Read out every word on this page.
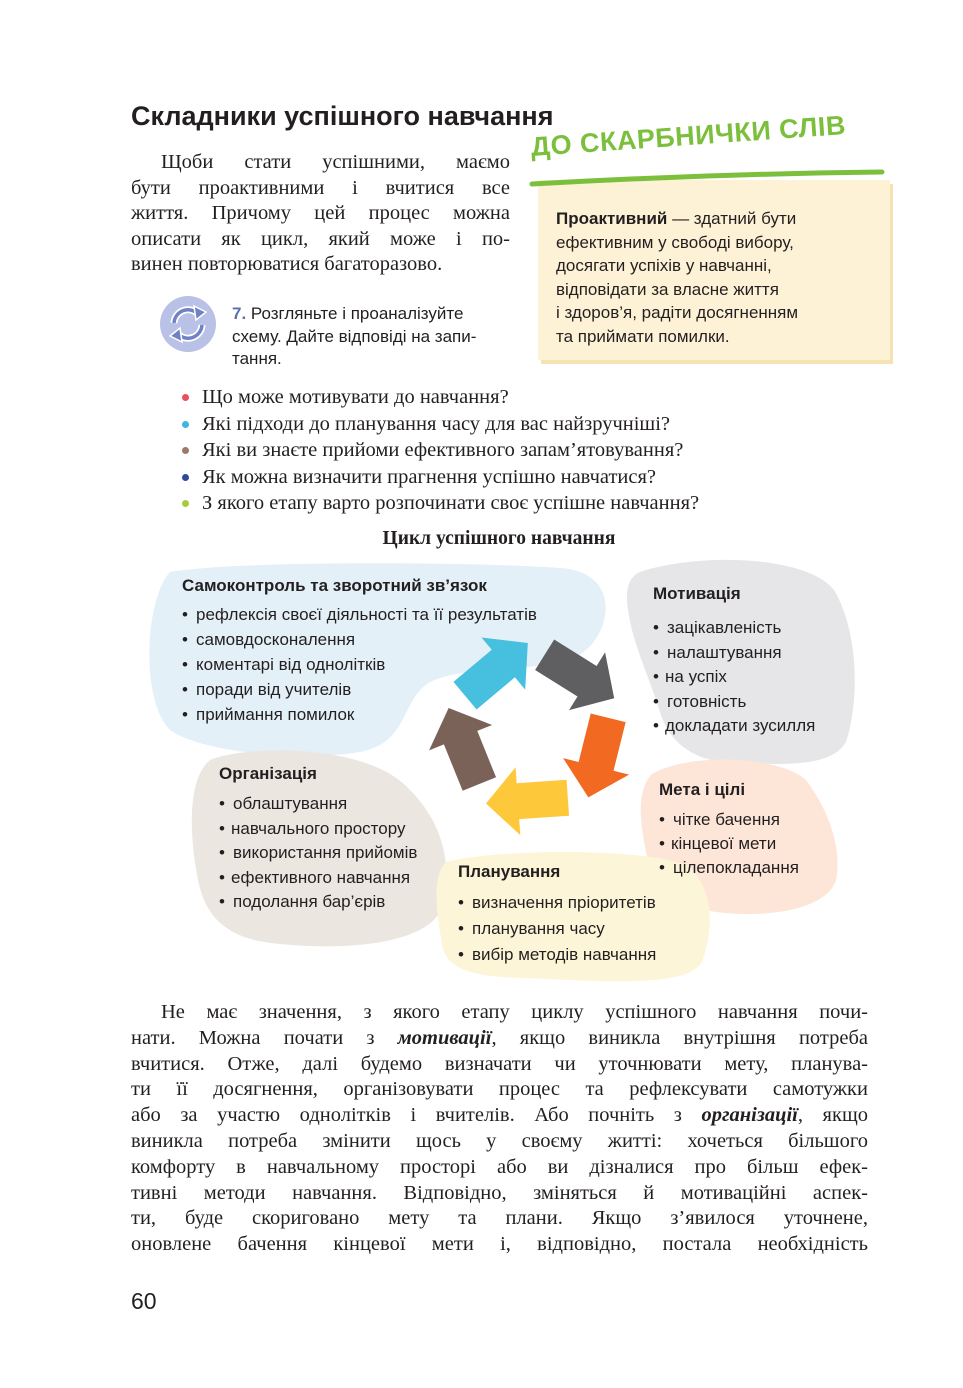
Складники успішного навчання
Щоби стати успішними, маємо
бути проактивними і вчитися все
життя. Причому цей процес можна
описати як цикл, який може і по-
винен повторюватися багаторазово.
ДО СКАРБНИЧКИ СЛІВ
Проактивний — здатний бути
ефективним у свободі вибору,
досягати успіхів у навчанні,
відповідати за власне життя
і здоров’я, радіти досягненням
та приймати помилки.
7. Розгляньте і проаналізуйте
схему. Дайте відповіді на запи-
тання.
Що може мотивувати до навчання?
Які підходи до планування часу для вас найзручніші?
Які ви знаєте прийоми ефективного запам’ятовування?
Як можна визначити прагнення успішно навчатися?
З якого етапу варто розпочинати своє успішне навчання?
Цикл успішного навчання
Самоконтроль та зворотний зв’язок
• рефлексія своєї діяльності та її результатів
• самовдосконалення
• коментарі від однолітків
• поради від учителів
• приймання помилок
Мотивація
• зацікавленість
• налаштування
• на успіх
• готовність
• докладати зусилля
Мета і цілі
• чітке бачення
• кінцевої мети
• цілепокладання
Організація
• облаштування
• навчального простору
• використання прийомів
• ефективного навчання
• подолання бар’єрів
Планування
• визначення пріоритетів
• планування часу
• вибір методів навчання
Не має значення, з якого етапу циклу успішного навчання почи-
нати. Можна почати з мотивації, якщо виникла внутрішня потреба
вчитися. Отже, далі будемо визначати чи уточнювати мету, планува-
ти її досягнення, організовувати процес та рефлексувати самотужки
або за участю однолітків і вчителів. Або почніть з організації, якщо
виникла потреба змінити щось у своєму житті: хочеться більшого
комфорту в навчальному просторі або ви дізналися про більш ефек-
тивні методи навчання. Відповідно, зміняться й мотиваційні аспек-
ти, буде скориговано мету та плани. Якщо з’явилося уточнене,
оновлене бачення кінцевої мети і, відповідно, постала необхідність
60
